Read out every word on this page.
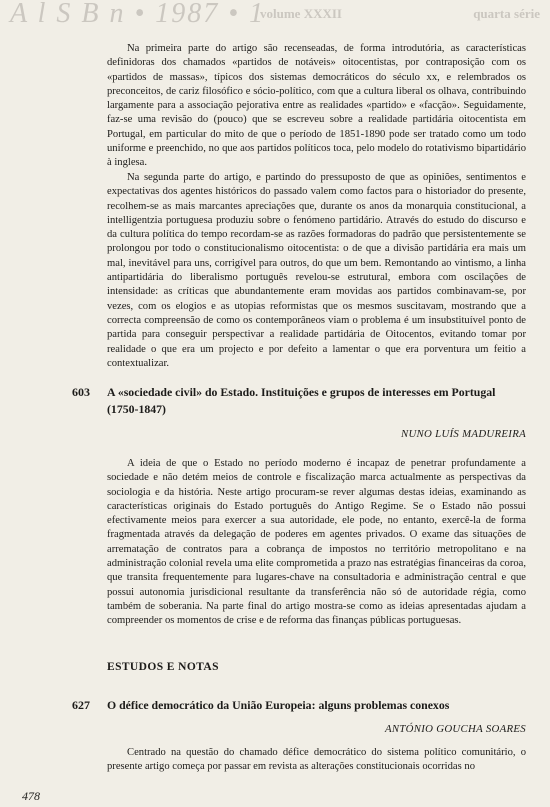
A l S B n • 1987 • 1
volume XXXII	quarta série

Na primeira parte do artigo são recenseadas, de forma introdutória, as características definidoras dos chamados «partidos de notáveis» oitocentistas, por contraposição com os «partidos de massas», típicos dos sistemas democráticos do século xx, e relembrados os preconceitos, de cariz filosófico e sócio-político, com que a cultura liberal os olhava, contribuindo largamente para a associação pejorativa entre as realidades «partido» e «facção». Seguidamente, faz-se uma revisão do (pouco) que se escreveu sobre a realidade partidária oitocentista em Portugal, em particular do mito de que o período de 1851-1890 pode ser tratado como um todo uniforme e preenchido, no que aos partidos políticos toca, pelo modelo do rotativismo bipartidário à inglesa.

Na segunda parte do artigo, e partindo do pressuposto de que as opiniões, sentimentos e expectativas dos agentes históricos do passado valem como factos para o historiador do presente, recolhem-se as mais marcantes apreciações que, durante os anos da monarquia constitucional, a intelligentzia portuguesa produziu sobre o fenómeno partidário. Através do estudo do discurso e da cultura política do tempo recordam-se as razões formadoras do padrão que persistentemente se prolongou por todo o constitucionalismo oitocentista: o de que a divisão partidária era mais um mal, inevitável para uns, corrigível para outros, do que um bem. Remontando ao vintismo, a linha antipartidária do liberalismo português revelou-se estrutural, embora com oscilações de intensidade: as críticas que abundantemente eram movidas aos partidos combinavam-se, por vezes, com os elogios e as utopias reformistas que os mesmos suscitavam, mostrando que a correcta compreensão de como os contemporâneos viam o problema é um insubstituível ponto de partida para conseguir perspectivar a realidade partidária de Oitocentos, evitando tomar por realidade o que era um projecto e por defeito a lamentar o que era porventura um feitio a contextualizar.

603 A «sociedade civil» do Estado. Instituições e grupos de interesses em Portugal (1750-1847)
NUNO LUÍS MADUREIRA

A ideia de que o Estado no período moderno é incapaz de penetrar profundamente a sociedade e não detém meios de controle e fiscalização marca actualmente as perspectivas da sociologia e da história. Neste artigo procuram-se rever algumas destas ideias, examinando as características originais do Estado português do Antigo Regime. Se o Estado não possui efectivamente meios para exercer a sua autoridade, ele pode, no entanto, exercê-la de forma fragmentada através da delegação de poderes em agentes privados. O exame das situações de arrematação de contratos para a cobrança de impostos no território metropolitano e na administração colonial revela uma elite comprometida a prazo nas estratégias financeiras da coroa, que transita frequentemente para lugares-chave na consultadoria e administração central e que possui autonomia jurisdicional resultante da transferência não só de autoridade régia, como também de soberania. Na parte final do artigo mostra-se como as ideias apresentadas ajudam a compreender os momentos de crise e de reforma das finanças públicas portuguesas.

ESTUDOS E NOTAS
627 O défice democrático da União Europeia: alguns problemas conexos
ANTÓNIO GOUCHA SOARES

Centrado na questão do chamado défice democrático do sistema político comunitário, o presente artigo começa por passar em revista as alterações constitucionais ocorridas no

478
